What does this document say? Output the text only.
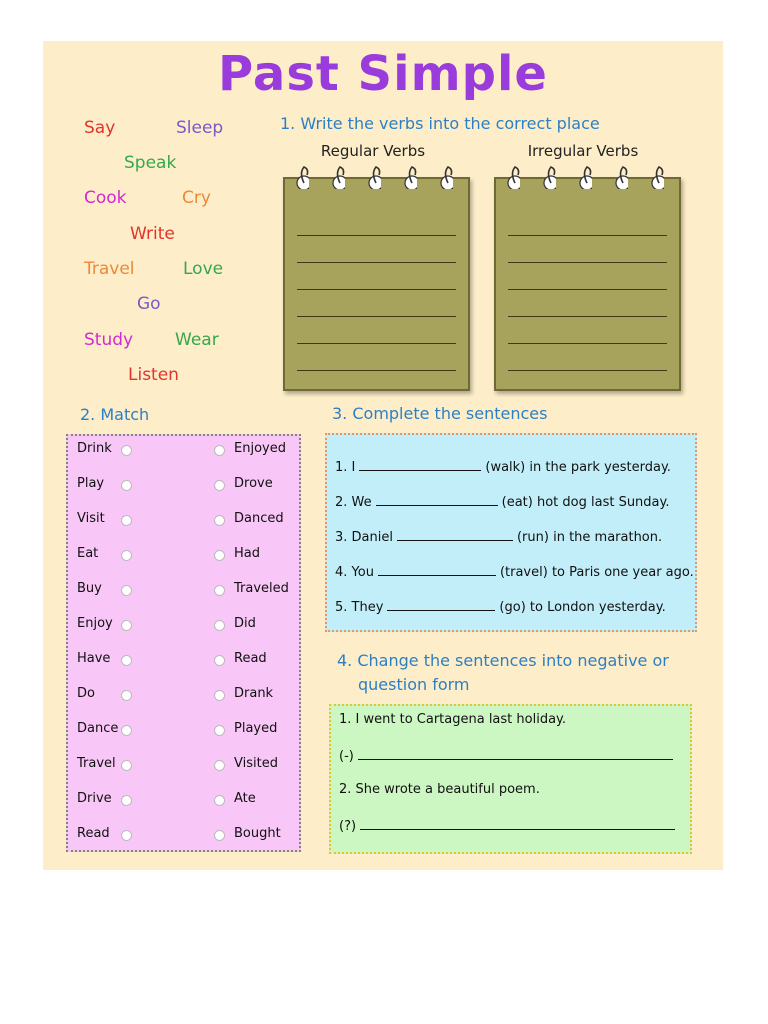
Past Simple
Say	Sleep
Speak
Cook	Cry
Write
Travel	Love
Go
Study Wear
Listen
1. Write the verbs into the correct place
Regular Verbs	Irregular Verbs
2. Match
Drink	Enjoyed
Play	Drove
Visit	Danced
Eat	Had
Buy	Traveled
Enjoy	Did
Have	Read
Do	Drank
Dance	Played
Travel	Visited
Drive	Ate
Read	Bought
3. Complete the sentences
1. I	(walk) in the park yesterday.
2. We	(eat) hot dog last Sunday.
3. Daniel	(run) in the marathon.
4. You	(travel) to Paris one year ago.
5. They	(go) to London yesterday.
4. Change the sentences into negative or
question form
1. I went to Cartagena last holiday.
(-)
2. She wrote a beautiful poem.
(?)
